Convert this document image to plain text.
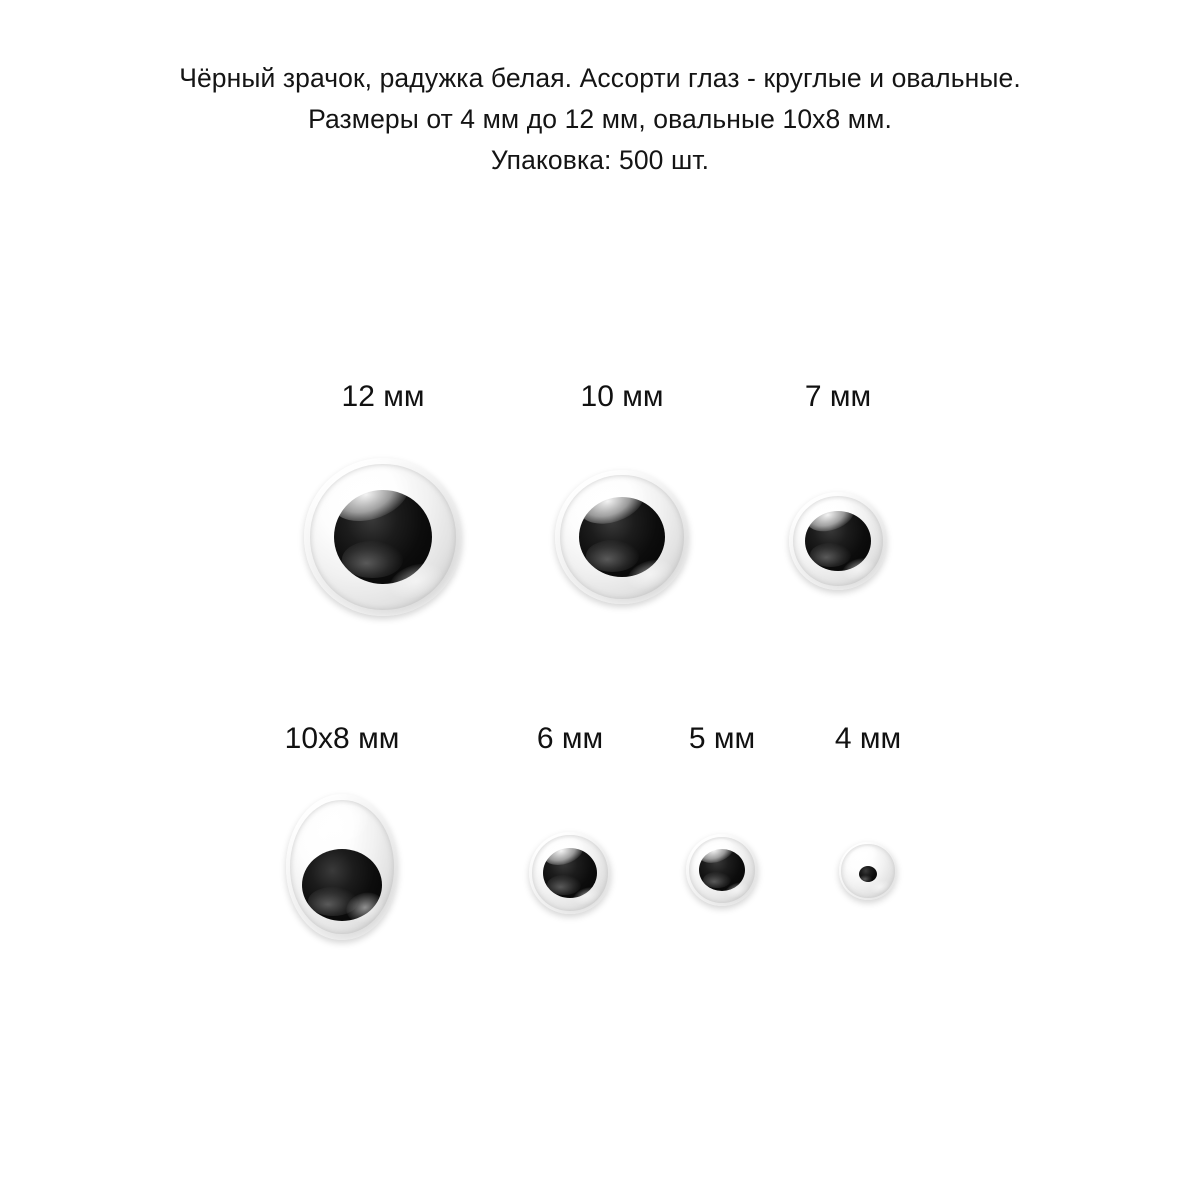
Чёрный зрачок, радужка белая. Ассорти глаз - круглые и овальные.
Размеры от 4 мм до 12 мм, овальные 10x8 мм.
Упаковка: 500 шт.
12 мм	10 мм	7 мм
10x8 мм	6 мм	5 мм	4 мм
